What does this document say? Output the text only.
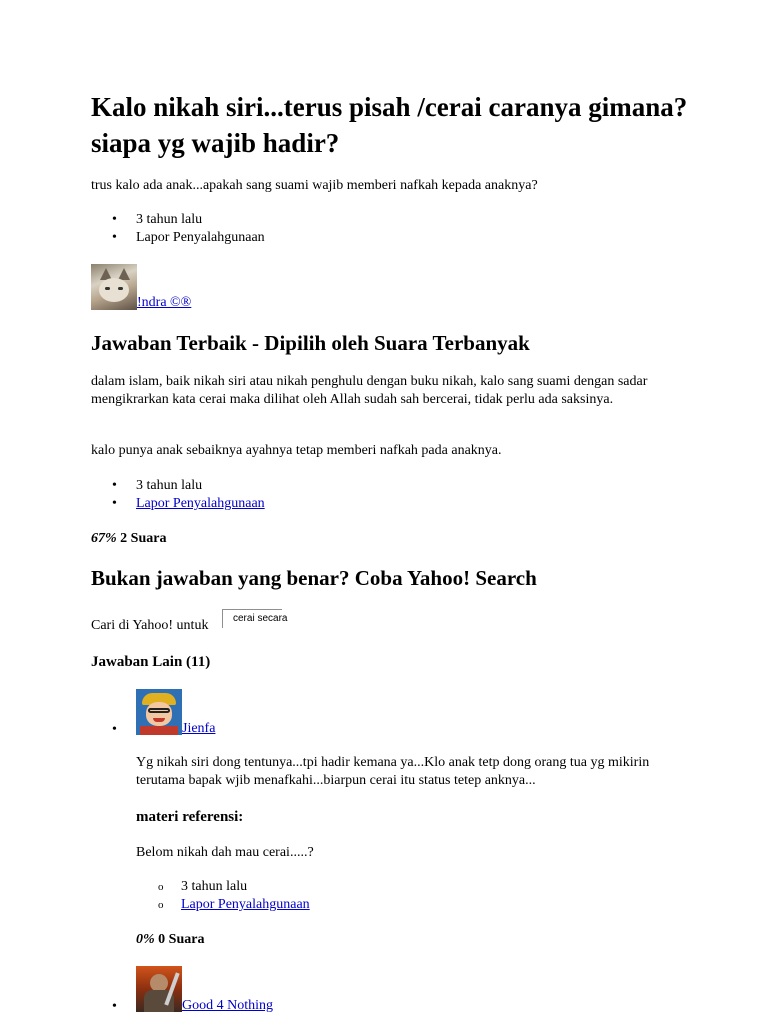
Kalo nikah siri...terus pisah /cerai caranya gimana?siapa yg wajib hadir?

trus kalo ada anak...apakah sang suami wajib memberi nafkah kepada anaknya?

• 3 tahun lalu
• Lapor Penyalahgunaan
!ndra ©®
Jawaban Terbaik - Dipilih oleh Suara Terbanyak

dalam islam, baik nikah siri atau nikah penghulu dengan buku nikah, kalo sang suami dengan sadar mengikrarkan kata cerai maka dilihat oleh Allah sudah sah bercerai, tidak perlu ada saksinya.

kalo punya anak sebaiknya ayahnya tetap memberi nafkah pada anaknya.

• 3 tahun lalu
• Lapor Penyalahgunaan
67% 2 Suara
Bukan jawaban yang benar? Coba Yahoo! Search
Cari di Yahoo! untuk	cerai secara
Jawaban Lain (11)
•	Jienfa

Yg nikah siri dong tentunya...tpi hadir kemana ya...Klo anak tetp dong orang tua yg mikirin terutama bapak wjib menafkahi...biarpun cerai itu status tetep anknya...

materi referensi:

Belom nikah dah mau cerai.....?

o 3 tahun lalu
o Lapor Penyalahgunaan
0% 0 Suara
•	Good 4 Nothing
